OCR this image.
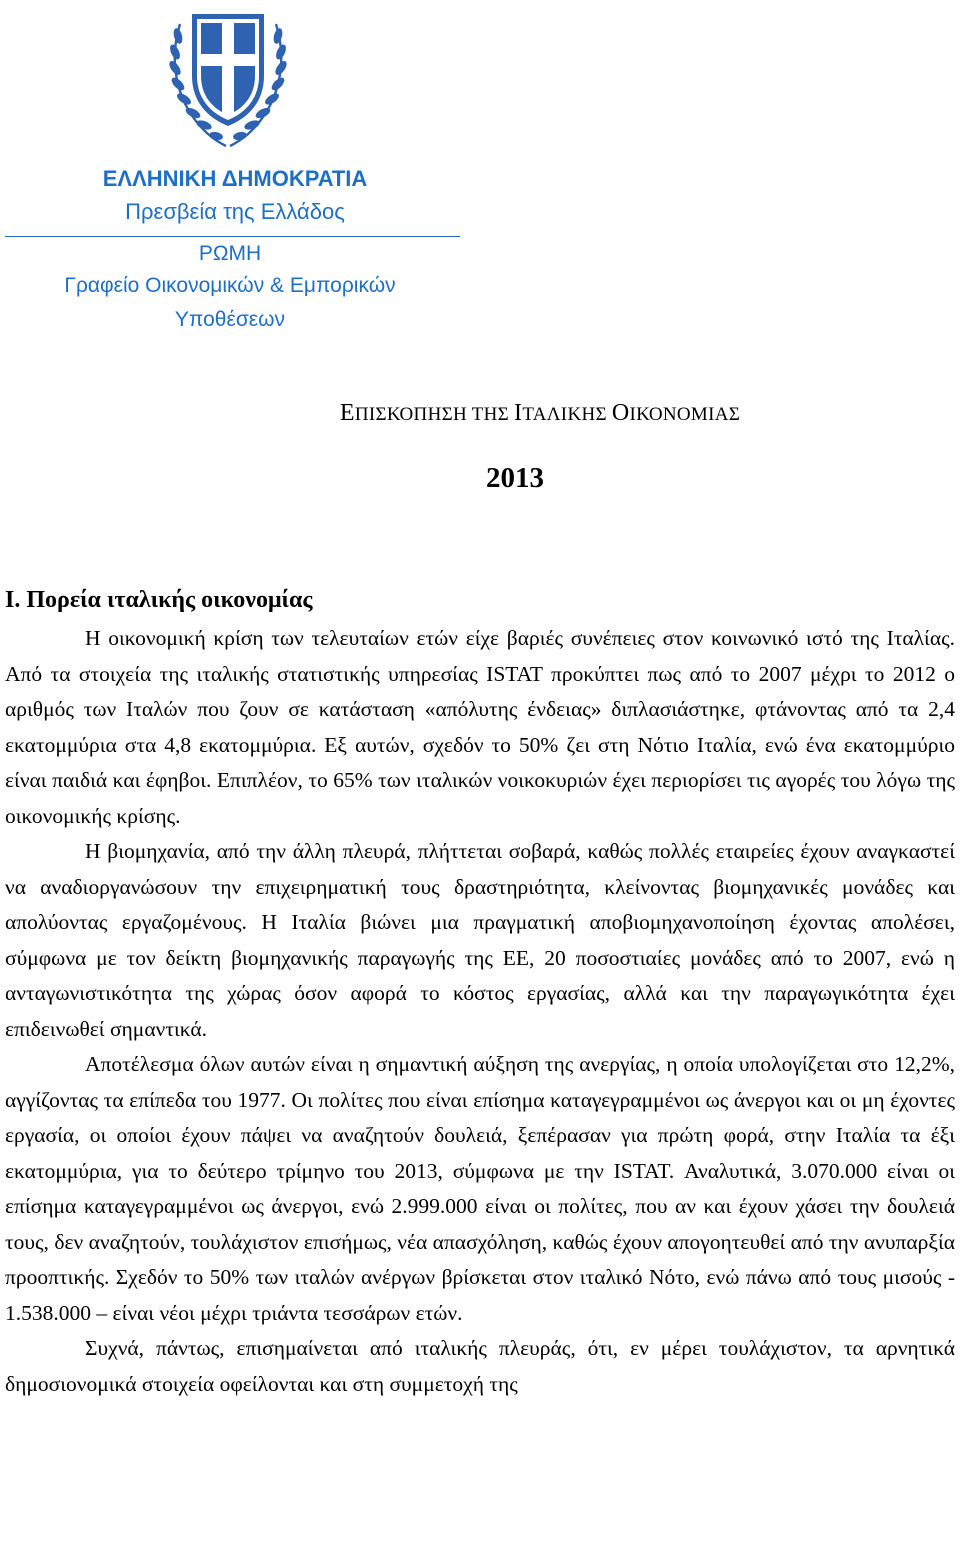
ΕΛΛΗΝΙΚΗ ΔΗΜΟΚΡΑΤΙΑ
Πρεσβεία της Ελλάδος
ΡΩΜΗ
Γραφείο Οικονομικών & Εμπορικών
Υποθέσεων
ΕΠΙΣΚΟΠΗΣΗ ΤΗΣ ΙΤΑΛΙΚΗΣ ΟΙΚΟΝΟΜΙΑΣ
2013
Ι. Πορεία ιταλικής οικονομίας

Η οικονομική κρίση των τελευταίων ετών είχε βαριές συνέπειες στον κοινωνικό ιστό της Ιταλίας. Από τα στοιχεία της ιταλικής στατιστικής υπηρεσίας ISTAT προκύπτει πως από το 2007 μέχρι το 2012 ο αριθμός των Ιταλών που ζουν σε κατάσταση «απόλυτης ένδειας» διπλασιάστηκε, φτάνοντας από τα 2,4 εκατομμύρια στα 4,8 εκατομμύρια. Εξ αυτών, σχεδόν το 50% ζει στη Νότιο Ιταλία, ενώ ένα εκατομμύριο είναι παιδιά και έφηβοι. Επιπλέον, το 65% των ιταλικών νοικοκυριών έχει περιορίσει τις αγορές του λόγω της οικονομικής κρίσης.

Η βιομηχανία, από την άλλη πλευρά, πλήττεται σοβαρά, καθώς πολλές εταιρείες έχουν αναγκαστεί να αναδιοργανώσουν την επιχειρηματική τους δραστηριότητα, κλείνοντας βιομηχανικές μονάδες και απολύοντας εργαζομένους. Η Ιταλία βιώνει μια πραγματική αποβιομηχανοποίηση έχοντας απολέσει, σύμφωνα με τον δείκτη βιομηχανικής παραγωγής της ΕΕ, 20 ποσοστιαίες μονάδες από το 2007, ενώ η ανταγωνιστικότητα της χώρας όσον αφορά το κόστος εργασίας, αλλά και την παραγωγικότητα έχει επιδεινωθεί σημαντικά.

Αποτέλεσμα όλων αυτών είναι η σημαντική αύξηση της ανεργίας, η οποία υπολογίζεται στο 12,2%, αγγίζοντας τα επίπεδα του 1977. Οι πολίτες που είναι επίσημα καταγεγραμμένοι ως άνεργοι και οι μη έχοντες εργασία, οι οποίοι έχουν πάψει να αναζητούν δουλειά, ξεπέρασαν για πρώτη φορά, στην Ιταλία τα έξι εκατομμύρια, για το δεύτερο τρίμηνο του 2013, σύμφωνα με την ISTAT. Αναλυτικά, 3.070.000 είναι οι επίσημα καταγεγραμμένοι ως άνεργοι, ενώ 2.999.000 είναι οι πολίτες, που αν και έχουν χάσει την δουλειά τους, δεν αναζητούν, τουλάχιστον επισήμως, νέα απασχόληση, καθώς έχουν απογοητευθεί από την ανυπαρξία προοπτικής. Σχεδόν το 50% των ιταλών ανέργων βρίσκεται στον ιταλικό Νότο, ενώ πάνω από τους μισούς - 1.538.000 – είναι νέοι μέχρι τριάντα τεσσάρων ετών.

Συχνά, πάντως, επισημαίνεται από ιταλικής πλευράς, ότι, εν μέρει τουλάχιστον, τα αρνητικά δημοσιονομικά στοιχεία οφείλονται και στη συμμετοχή της
